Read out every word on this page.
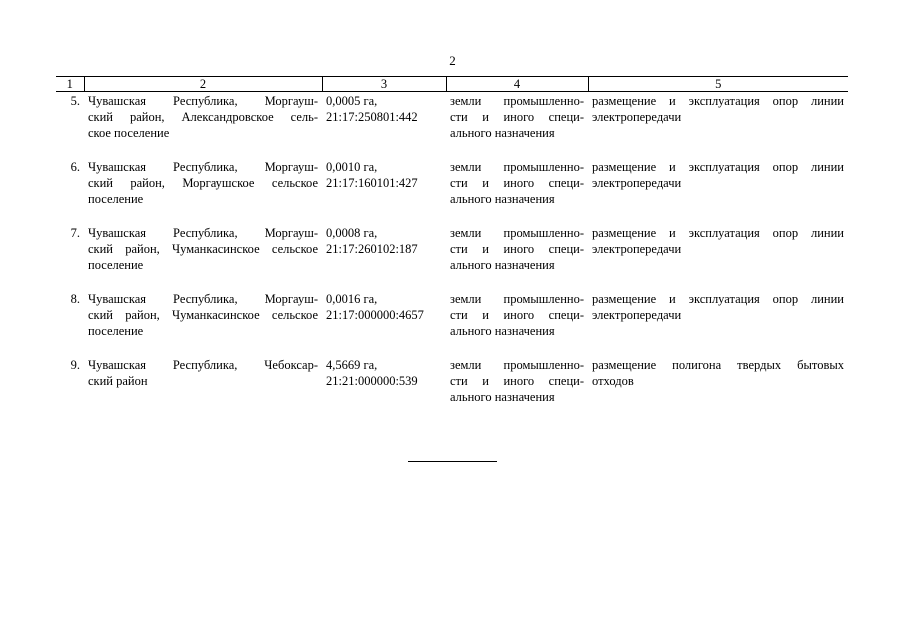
2
1	2	3	4	5
5.	Чувашская Республика, Моргауш-
ский район, Александровское сель-
ское поселение	0,0005 га,
21:17:250801:442	земли промышленно-
сти и иного специ-
ального назначения	размещение и эксплуатация опор линии
электропередачи

6.	Чувашская Республика, Моргауш-
ский район, Моргаушское сельское
поселение	0,0010 га,
21:17:160101:427	земли промышленно-
сти и иного специ-
ального назначения	размещение и эксплуатация опор линии
электропередачи

7.	Чувашская Республика, Моргауш-
ский район, Чуманкасинское сельское
поселение	0,0008 га,
21:17:260102:187	земли промышленно-
сти и иного специ-
ального назначения	размещение и эксплуатация опор линии
электропередачи

8.	Чувашская Республика, Моргауш-
ский район, Чуманкасинское сельское
поселение	0,0016 га,
21:17:000000:4657	земли промышленно-
сти и иного специ-
ального назначения	размещение и эксплуатация опор линии
электропередачи

9.	Чувашская Республика, Чебоксар-
ский район	4,5669 га,
21:21:000000:539	земли промышленно-
сти и иного специ-
ального назначения	размещение полигона твердых бытовых
отходов
